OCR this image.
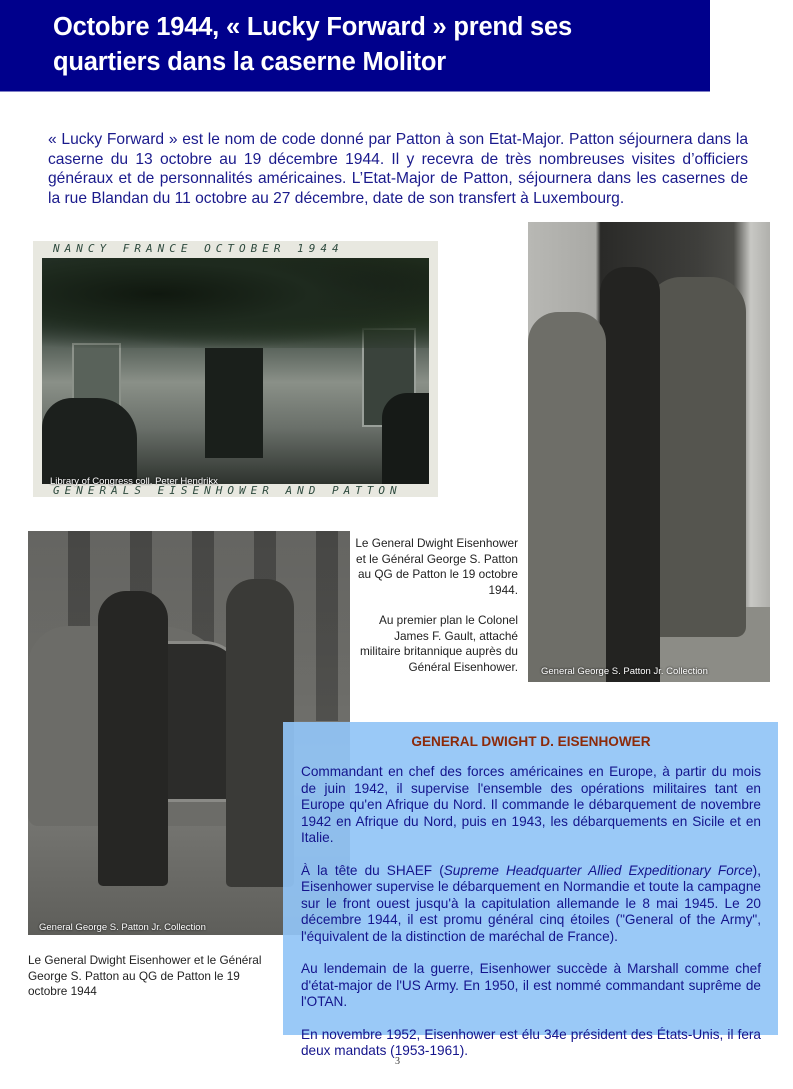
Octobre 1944, « Lucky Forward » prend ses
quartiers dans la caserne Molitor

« Lucky Forward » est le nom de code donné par Patton à son Etat-Major. Patton séjournera dans la caserne du 13 octobre au 19 décembre 1944. Il y recevra de très nombreuses visites d’officiers généraux et de personnalités américaines. L’Etat-Major de Patton, séjournera dans les casernes de la rue Blandan du 11 octobre au 27 décembre, date de son transfert à Luxembourg.

NANCY FRANCE OCTOBER 1944
GENERALS EISENHOWER AND PATTON
Library of Congress coll. Peter Hendrikx
General George S. Patton Jr. Collection

Le General Dwight Eisenhower et le Général George S. Patton au QG de Patton le 19 octobre 1944.

Au premier plan le Colonel James F. Gault, attaché militaire britannique auprès du Général Eisenhower.

General George S. Patton Jr. Collection

Le General Dwight Eisenhower et le Général George S. Patton au QG de Patton le 19 octobre 1944

GENERAL DWIGHT D. EISENHOWER

Commandant en chef des forces américaines en Europe, à partir du mois de juin 1942, il supervise l'ensemble des opérations militaires tant en Europe qu'en Afrique du Nord. Il commande le débarquement de novembre 1942 en Afrique du Nord, puis en 1943, les débarquements en Sicile et en Italie.

À la tête du SHAEF (Supreme Headquarter Allied Expeditionary Force), Eisenhower supervise le débarquement en Normandie et toute la campagne sur le front ouest jusqu'à la capitulation allemande le 8 mai 1945. Le 20 décembre 1944, il est promu général cinq étoiles ("General of the Army", l'équivalent de la distinction de maréchal de France).

Au lendemain de la guerre, Eisenhower succède à Marshall comme chef d'état-major de l'US Army. En 1950, il est nommé commandant suprême de l'OTAN.

En novembre 1952, Eisenhower est élu 34e président des États-Unis, il fera deux mandats (1953-1961).

3
